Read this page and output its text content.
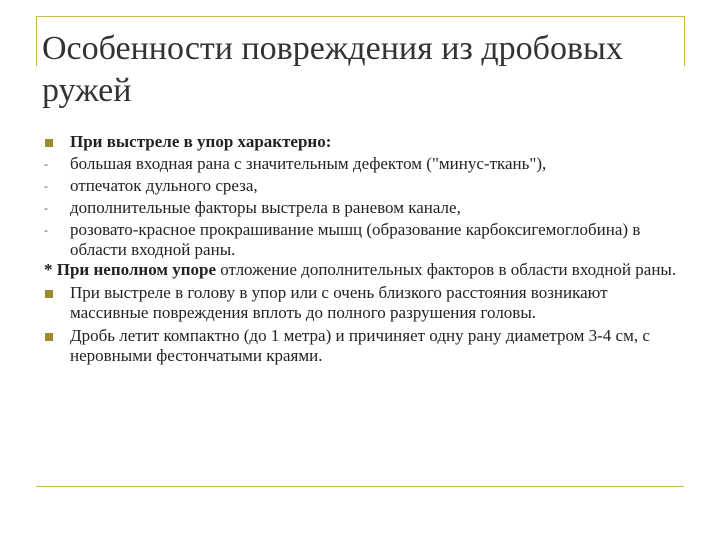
Особенности повреждения из дробовых ружей
При выстреле в упор характерно:
- большая входная рана с значительным дефектом ("минус-ткань"),
- отпечаток дульного среза,
- дополнительные факторы выстрела в раневом канале,
- розовато-красное прокрашивание мышц (образование карбоксигемоглобина) в области входной раны.
* При неполном упоре отложение дополнительных факторов в области входной раны.
При выстреле в голову в упор или с очень близкого расстояния возникают массивные повреждения вплоть до полного разрушения головы.
Дробь летит компактно (до 1 метра) и причиняет одну рану диаметром 3-4 см, с неровными фестончатыми краями.
